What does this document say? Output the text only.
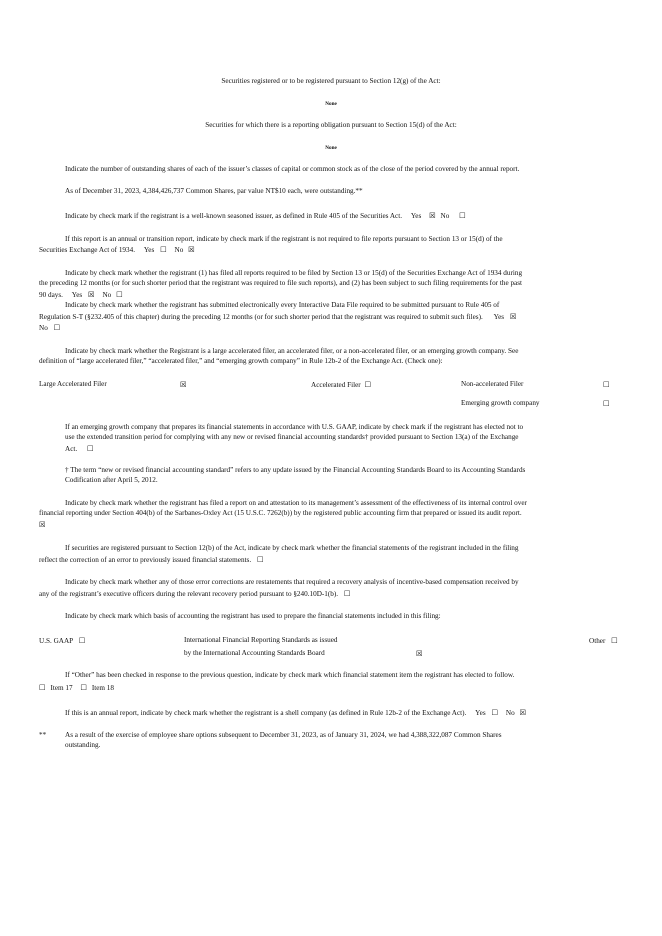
Securities registered or to be registered pursuant to Section 12(g) of the Act:
None
Securities for which there is a reporting obligation pursuant to Section 15(d) of the Act:
None
Indicate the number of outstanding shares of each of the issuer’s classes of capital or common stock as of the close of the period covered by the annual report.
As of December 31, 2023, 4,384,426,737 Common Shares, par value NT$10 each, were outstanding.**
Indicate by check mark if the registrant is a well-known seasoned issuer, as defined in Rule 405 of the Securities Act. Yes ☒ No ☐
If this report is an annual or transition report, indicate by check mark if the registrant is not required to file reports pursuant to Section 13 or 15(d) of the
Securities Exchange Act of 1934. Yes ☐ No ☒
Indicate by check mark whether the registrant (1) has filed all reports required to be filed by Section 13 or 15(d) of the Securities Exchange Act of 1934 during
the preceding 12 months (or for such shorter period that the registrant was required to file such reports), and (2) has been subject to such filing requirements for the past
90 days. Yes ☒ No ☐
Indicate by check mark whether the registrant has submitted electronically every Interactive Data File required to be submitted pursuant to Rule 405 of
Regulation S-T (§232.405 of this chapter) during the preceding 12 months (or for such shorter period that the registrant was required to submit such files). Yes ☒
No ☐
Indicate by check mark whether the Registrant is a large accelerated filer, an accelerated filer, or a non-accelerated filer, or an emerging growth company. See
definition of “large accelerated filer,” “accelerated filer,” and “emerging growth company” in Rule 12b-2 of the Exchange Act. (Check one):
Large Accelerated Filer	☒	Accelerated Filer ☐	Non-accelerated Filer	☐
Emerging growth company	☐
If an emerging growth company that prepares its financial statements in accordance with U.S. GAAP, indicate by check mark if the registrant has elected not to
use the extended transition period for complying with any new or revised financial accounting standards† provided pursuant to Section 13(a) of the Exchange
Act. ☐
† The term “new or revised financial accounting standard” refers to any update issued by the Financial Accounting Standards Board to its Accounting Standards
Codification after April 5, 2012.
Indicate by check mark whether the registrant has filed a report on and attestation to its management’s assessment of the effectiveness of its internal control over
financial reporting under Section 404(b) of the Sarbanes-Oxley Act (15 U.S.C. 7262(b)) by the registered public accounting firm that prepared or issued its audit report.
☒
If securities are registered pursuant to Section 12(b) of the Act, indicate by check mark whether the financial statements of the registrant included in the filing
reflect the correction of an error to previously issued financial statements. ☐
Indicate by check mark whether any of those error corrections are restatements that required a recovery analysis of incentive-based compensation received by
any of the registrant’s executive officers during the relevant recovery period pursuant to §240.10D-1(b). ☐
Indicate by check mark which basis of accounting the registrant has used to prepare the financial statements included in this filing:
U.S. GAAP ☐	International Financial Reporting Standards as issued
by the International Accounting Standards Board	☒
Other ☐
If “Other” has been checked in response to the previous question, indicate by check mark which financial statement item the registrant has elected to follow.
☐ Item 17 ☐ Item 18
If this is an annual report, indicate by check mark whether the registrant is a shell company (as defined in Rule 12b-2 of the Exchange Act). Yes ☐ No ☒
**	As a result of the exercise of employee share options subsequent to December 31, 2023, as of January 31, 2024, we had 4,388,322,087 Common Shares
outstanding.
